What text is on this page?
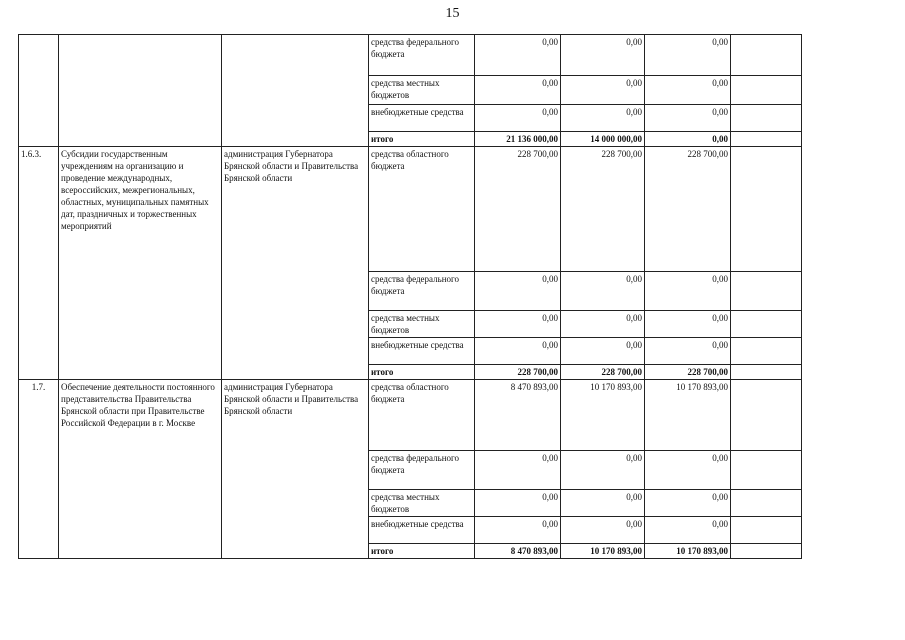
15
			средства федерального бюджета	0,00	0,00	0,00	
			средства местных бюджетов	0,00	0,00	0,00	
			внебюджетные средства	0,00	0,00	0,00	
			итого	21 136 000,00	14 000 000,00	0,00	
1.6.3.	Субсидии государственным учреждениям на организацию и проведение международных, всероссийских, межрегиональных, областных, муниципальных памятных дат, праздничных и торжественных мероприятий	администрация Губернатора Брянской области и Правительства Брянской области	средства областного бюджета	228 700,00	228 700,00	228 700,00	
			средства федерального бюджета	0,00	0,00	0,00	
			средства местных бюджетов	0,00	0,00	0,00	
			внебюджетные средства	0,00	0,00	0,00	
			итого	228 700,00	228 700,00	228 700,00	
1.7.	Обеспечение деятельности постоянного представительства Правительства Брянской области при Правительстве Российской Федерации в г. Москве	администрация Губернатора Брянской области и Правительства Брянской области	средства областного бюджета	8 470 893,00	10 170 893,00	10 170 893,00	
			средства федерального бюджета	0,00	0,00	0,00	
			средства местных бюджетов	0,00	0,00	0,00	
			внебюджетные средства	0,00	0,00	0,00	
			итого	8 470 893,00	10 170 893,00	10 170 893,00	
